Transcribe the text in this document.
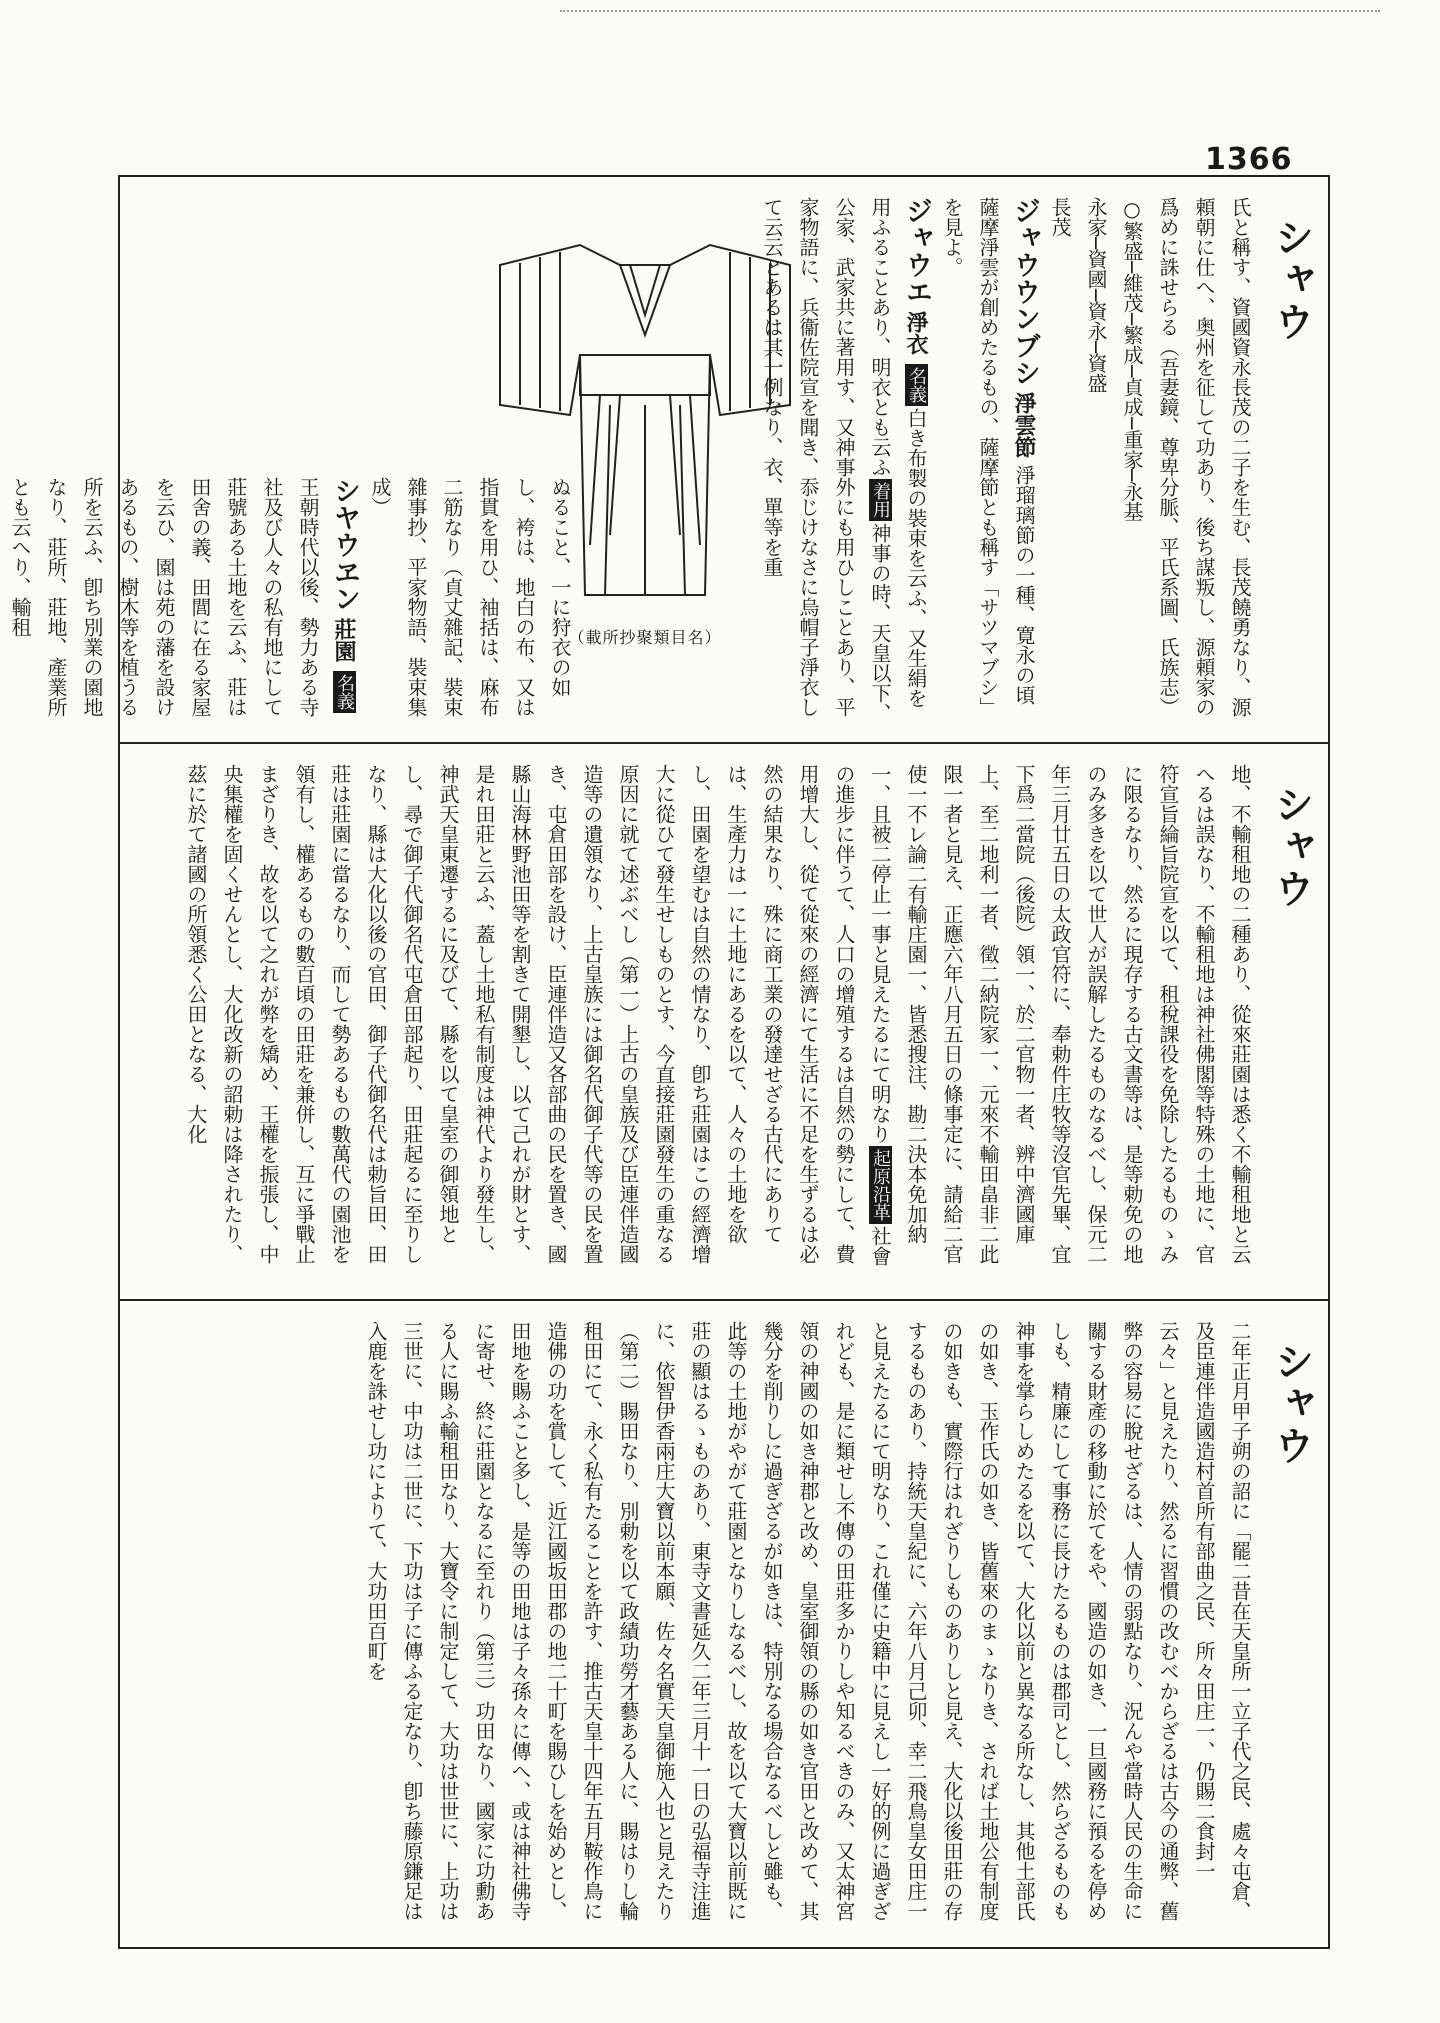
1366
シャウ
氏と稱す、資國資永長茂の二子を生む、長茂饒勇なり、源頼朝に仕へ、奥州を征して功あり、後ち謀叛し、源頼家の爲めに誅せらる（吾妻鏡、尊卑分脈、平氏系圖、氏族志）
○繁盛─維茂─繁成─貞成─重家─永基
永家─資國─資永─資盛
長茂
ジャウウンブシ 淨雲節 淨瑠璃節の一種、寛永の頃薩摩淨雲が創めたるもの、薩摩節とも稱す「サツマブシ」を見よ。
ジャウエ 淨衣 名義白き布製の裝束を云ふ、又生絹を用ふることあり、明衣とも云ふ着用神事の時、天皇以下、公家、武家共に著用す、又神事外にも用ひしことあり、平家物語に、兵衞佐院宣を聞き、忝じけなさに烏帽子淨衣して云云とあるは其一例なり、衣、單等を重
（載所抄聚類目名）
ぬること、一に狩衣の如し、袴は、地白の布、又は指貫を用ひ、袖括は、麻布二筋なり（貞丈雜記、裝束雜事抄、平家物語、裝束集成）
シヤウヱン 莊園 名義王朝時代以後、勢力ある寺社及び人々の私有地にして莊號ある土地を云ふ、莊は田舍の義、田閭に在る家屋を云ひ、園は苑の藩を設けあるもの、樹木等を植うる所を云ふ、卽ち別業の園地なり、莊所、莊地、產業所とも云へり、輸租
シャウ
地、不輸租地の二種あり、從來莊園は悉く不輸租地と云へるは誤なり、不輸租地は神社佛閣等特殊の土地に、官符宣旨綸旨院宣を以て、租稅課役を免除したるものゝみに限るなり、然るに現存する古文書等は、是等勅免の地のみ多きを以て世人が誤解したるものなるべし、保元二年三月廿五日の太政官符に、奉勅件庄牧等沒官先畢、宜下爲二當院（後院）領一、於二官物一者、辨中濟國庫上、至二地利一者、徵二納院家一、元來不輸田畠非二此限一者と見え、正應六年八月五日の條事定に、請給二官使一不レ論二有輸庄園一、皆悉搜注、勘二決本免加納一、且被二停止一事と見えたるにて明なり起原沿革社會の進步に伴うて、人口の增殖するは自然の勢にして、費用增大し、從て從來の經濟にて生活に不足を生ずるは必然の結果なり、殊に商工業の發達せざる古代にありては、生產力は一に土地にあるを以て、人々の土地を欲し、田園を望むは自然の情なり、卽ち莊園はこの經濟增大に從ひて發生せしものとす、今直接莊園發生の重なる原因に就て述ぶべし（第一）上古の皇族及び臣連伴造國造等の遺領なり、上古皇族には御名代御子代等の民を置き、屯倉田部を設け、臣連伴造又各部曲の民を置き、國縣山海林野池田等を割きて開墾し、以て己れが財とす、是れ田莊と云ふ、蓋し土地私有制度は神代より發生し、神武天皇東遷するに及びて、縣を以て皇室の御領地とし、尋で御子代御名代屯倉田部起り、田莊起るに至りしなり、縣は大化以後の官田、御子代御名代は勅旨田、田莊は莊園に當るなり、而して勢あるもの數萬代の園池を領有し、權あるもの數百頃の田莊を兼併し、互に爭戰止まざりき、故を以て之れが弊を矯め、王權を振張し、中央集權を固くせんとし、大化改新の詔勅は降されたり、茲に於て諸國の所領悉く公田となる、大化
シャウ
二年正月甲子朔の詔に「罷二昔在天皇所一立子代之民、處々屯倉、及臣連伴造國造村首所有部曲之民、所々田庄一、仍賜二食封一云々」と見えたり、然るに習慣の改むべからざるは古今の通弊、舊弊の容易に脫せざるは、人情の弱點なり、況んや當時人民の生命に關する財產の移動に於てをや、國造の如き、一旦國務に預るを停めしも、精廉にして事務に長けたるものは郡司とし、然らざるものも神事を掌らしめたるを以て、大化以前と異なる所なし、其他土部氏の如き、玉作氏の如き、皆舊來のまゝなりき、されば土地公有制度の如きも、實際行はれざりしものありしと見え、大化以後田莊の存するものあり、持統天皇紀に、六年八月己卯、幸二飛鳥皇女田庄一と見えたるにて明なり、これ僅に史籍中に見えし一好的例に過ぎざれども、是に類せし不傳の田莊多かりしや知るべきのみ、又太神宮領の神國の如き神郡と改め、皇室御領の縣の如き官田と改めて、其幾分を削りしに過ぎざるが如きは、特別なる場合なるべしと雖も、此等の土地がやがて莊園となりしなるべし、故を以て大寶以前既に莊の顯はるゝものあり、東寺文書延久二年三月十一日の弘福寺注進に、依智伊香兩庄大寶以前本願、佐々名實天皇御施入也と見えたり（第二）賜田なり、別勅を以て政績功勞才藝ある人に、賜はりし輪租田にて、永く私有たることを許す、推古天皇十四年五月鞍作鳥に造佛の功を賞して、近江國坂田郡の地二十町を賜ひしを始めとし、田地を賜ふこと多し、是等の田地は子々孫々に傳へ、或は神社佛寺に寄せ、終に莊園となるに至れり（第三）功田なり、國家に功勳ある人に賜ふ輸租田なり、大寶令に制定して、大功は世世に、上功は三世に、中功は二世に、下功は子に傳ふる定なり、卽ち藤原鎌足は入鹿を誅せし功によりて、大功田百町を
